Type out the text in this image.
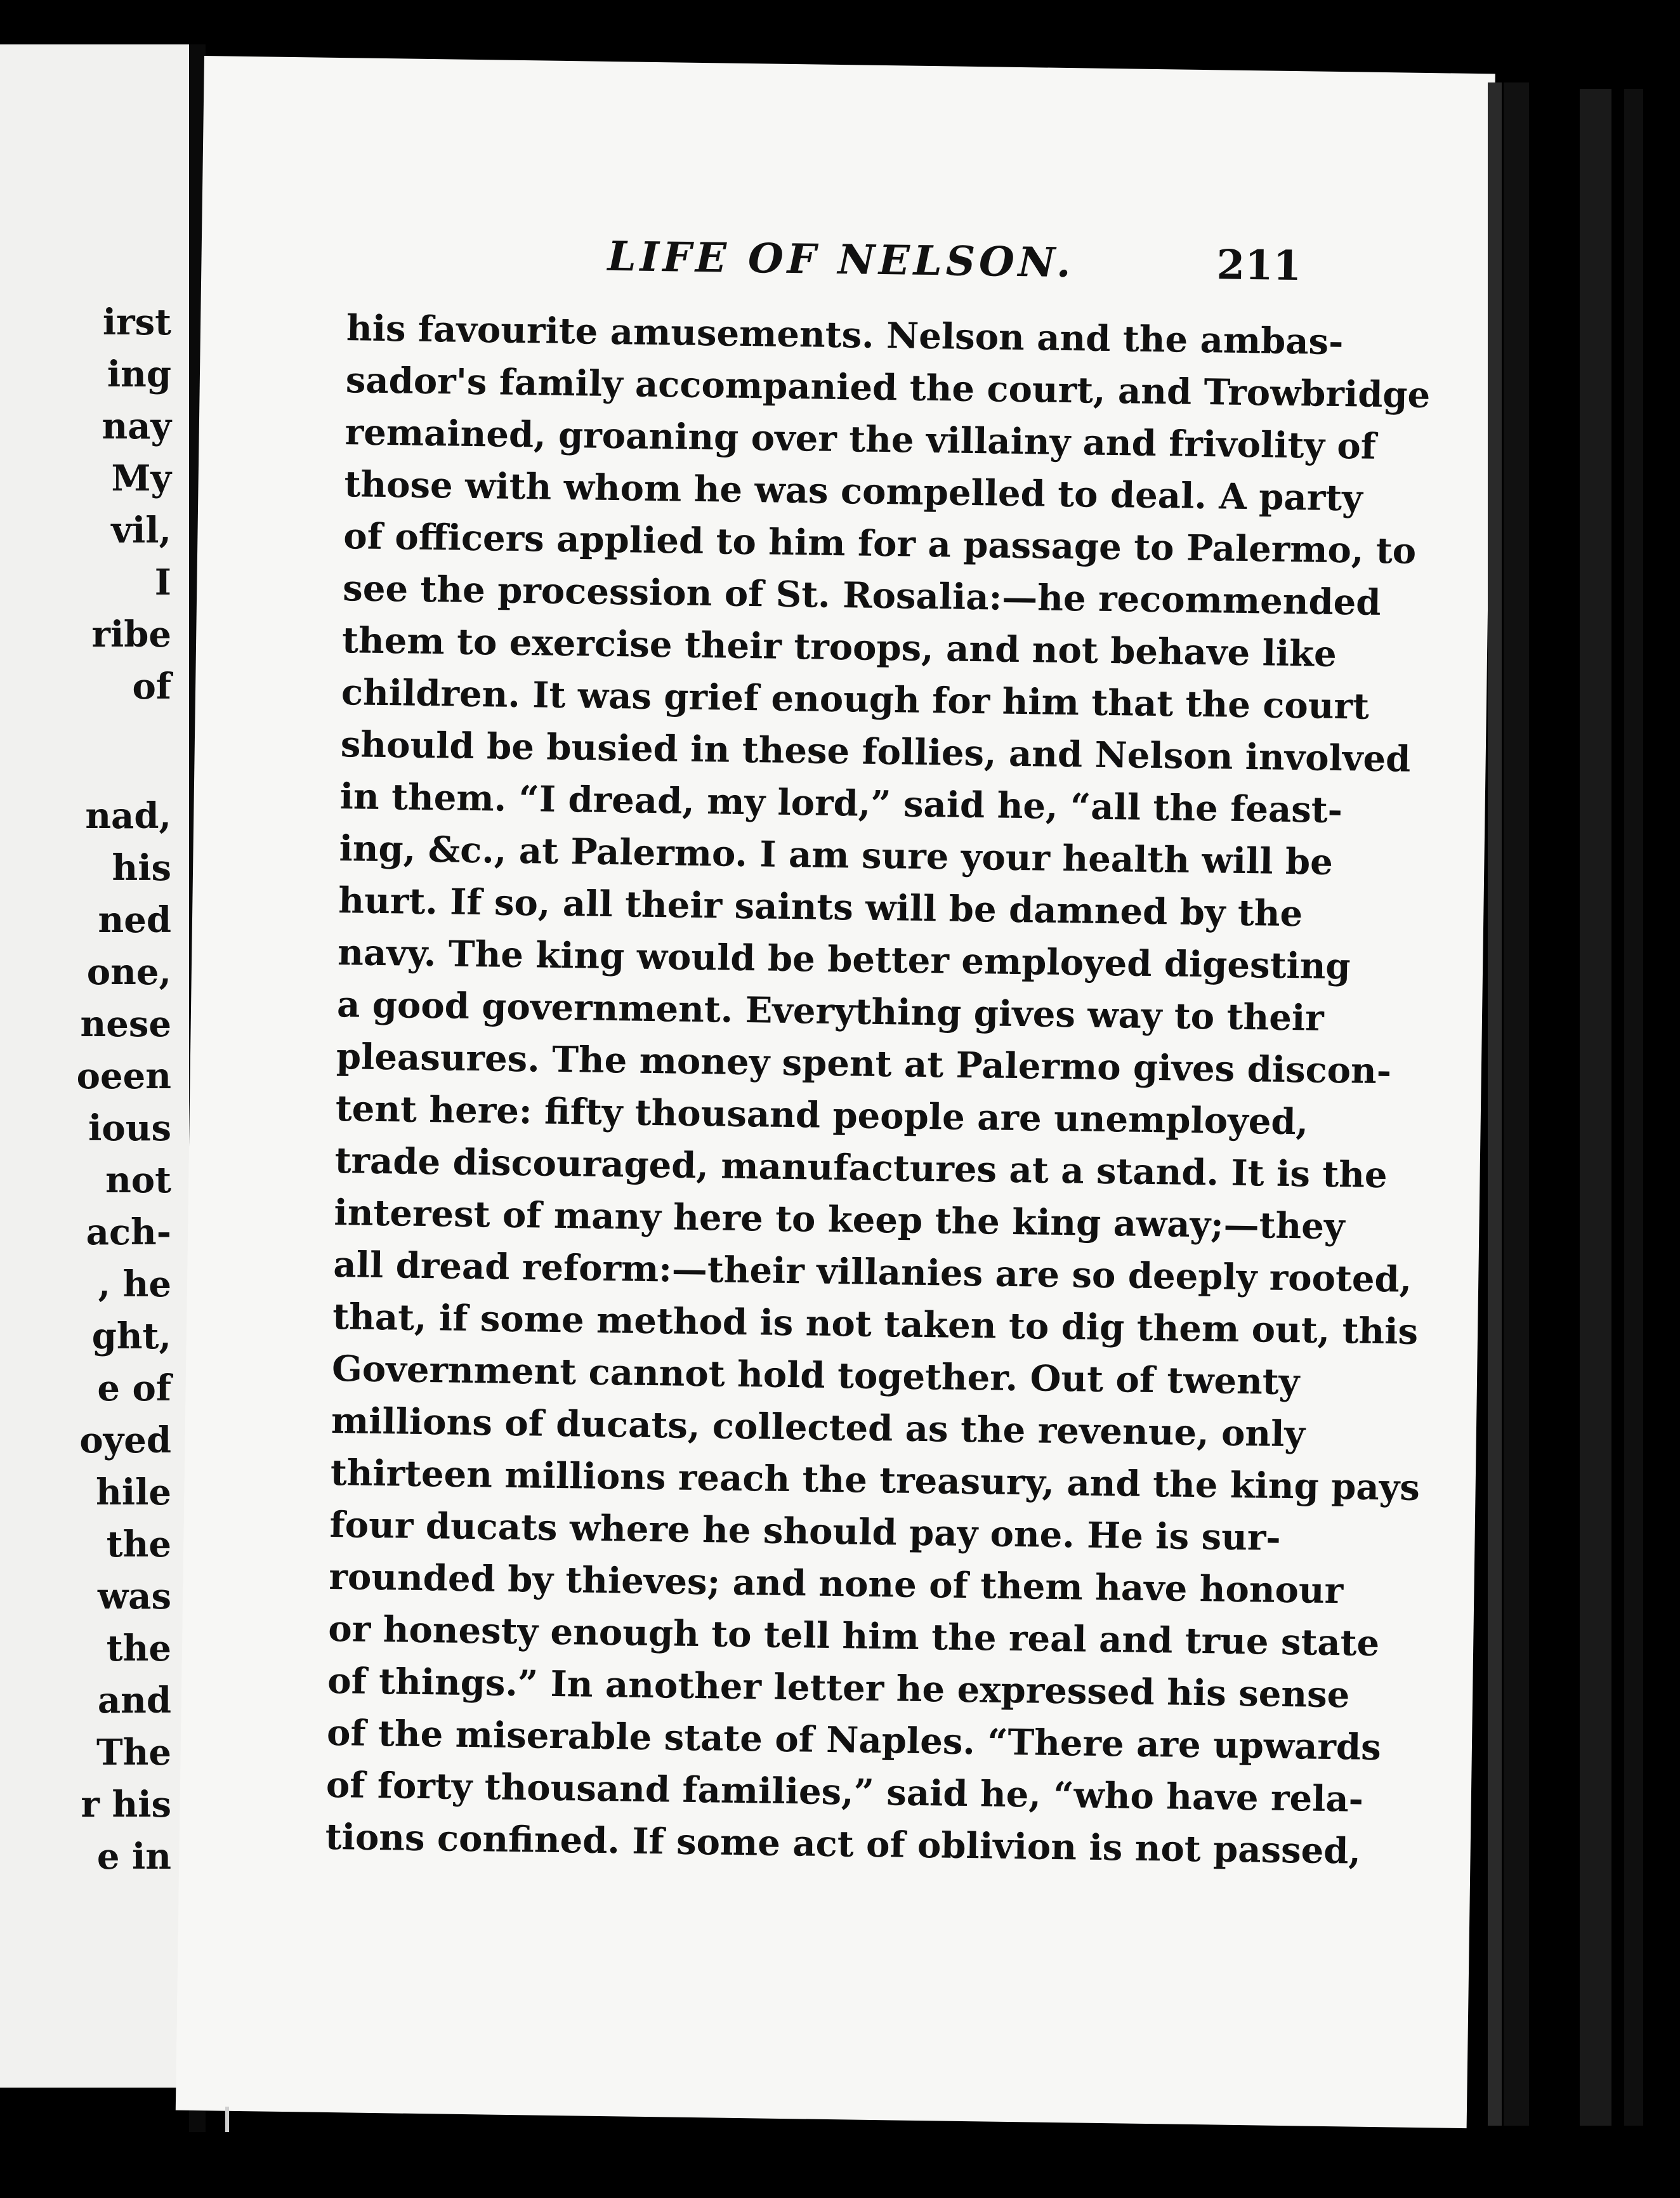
irst
ing
nay
My
vil,
I
ribe
of
nad,
his
ned
one,
nese
oeen
ious
not
ach-
, he
ght,
e of
oyed
hile
the
was
the
and
The
r his
e in
LIFE OF NELSON.	211
his favourite amusements. Nelson and the ambas-
sador's family accompanied the court, and Trowbridge
remained, groaning over the villainy and frivolity of
those with whom he was compelled to deal. A party
of officers applied to him for a passage to Palermo, to
see the procession of St. Rosalia:—he recommended
them to exercise their troops, and not behave like
children. It was grief enough for him that the court
should be busied in these follies, and Nelson involved
in them. “I dread, my lord,” said he, “all the feast-
ing, &c., at Palermo. I am sure your health will be
hurt. If so, all their saints will be damned by the
navy. The king would be better employed digesting
a good government. Everything gives way to their
pleasures. The money spent at Palermo gives discon-
tent here: fifty thousand people are unemployed,
trade discouraged, manufactures at a stand. It is the
interest of many here to keep the king away;—they
all dread reform:—their villanies are so deeply rooted,
that, if some method is not taken to dig them out, this
Government cannot hold together. Out of twenty
millions of ducats, collected as the revenue, only
thirteen millions reach the treasury, and the king pays
four ducats where he should pay one. He is sur-
rounded by thieves; and none of them have honour
or honesty enough to tell him the real and true state
of things.” In another letter he expressed his sense
of the miserable state of Naples. “There are upwards
of forty thousand families,” said he, “who have rela-
tions confined. If some act of oblivion is not passed,
